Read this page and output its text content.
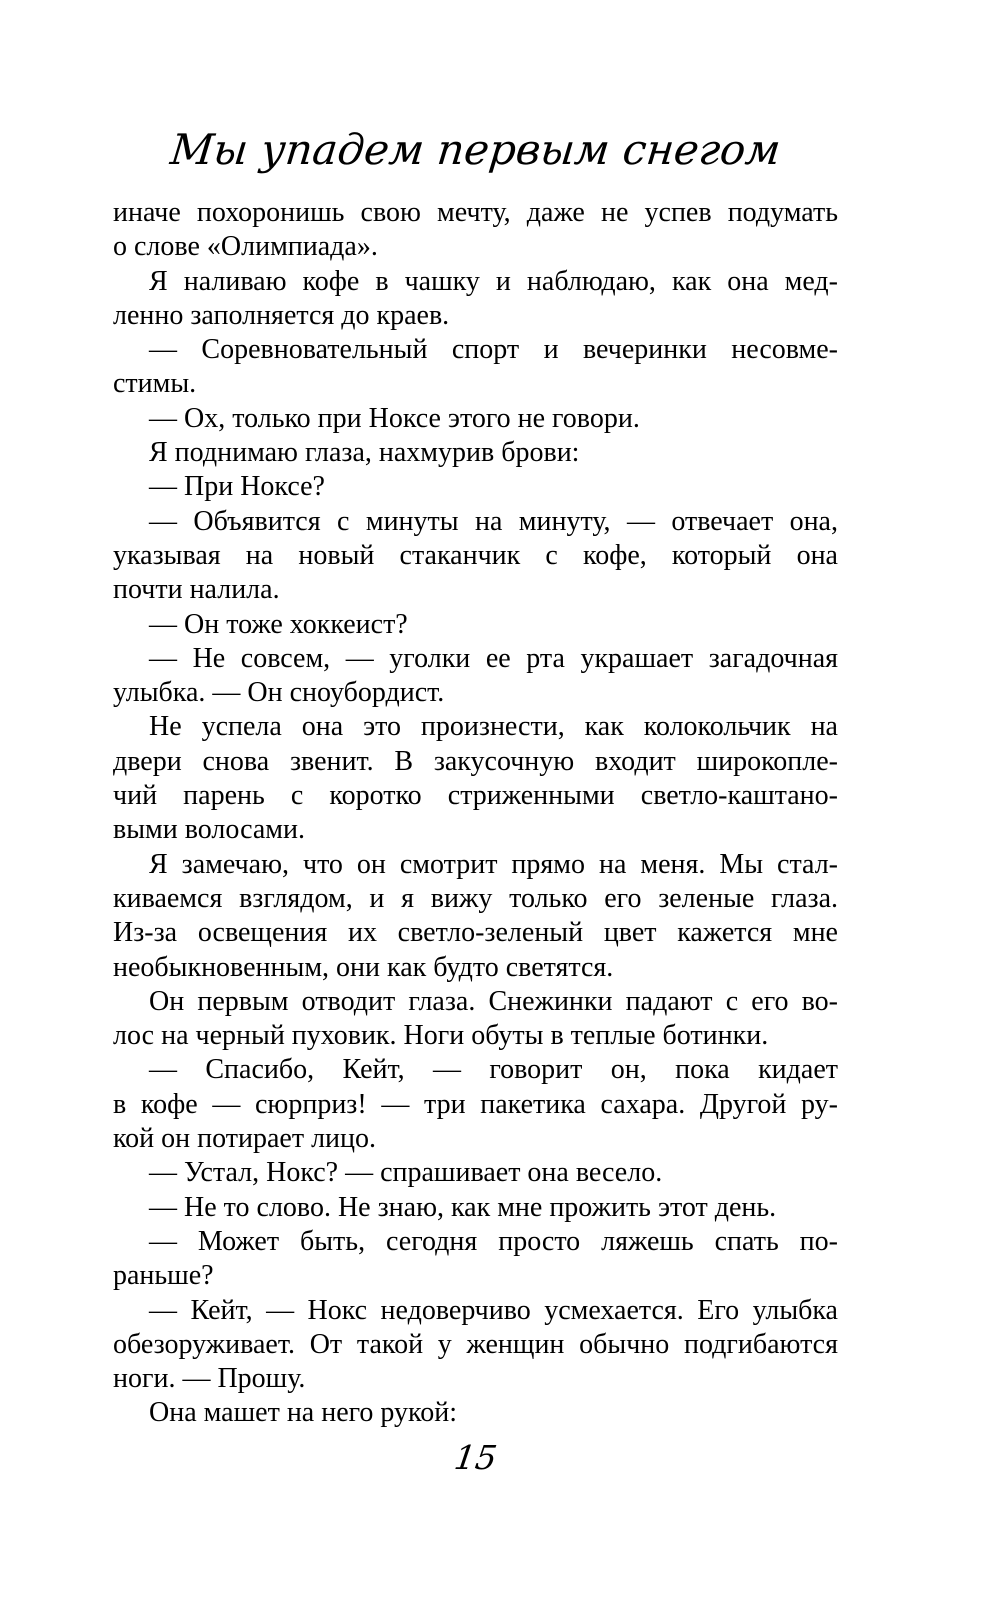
Мы упадем первым снегом
иначе похоронишь свою мечту, даже не успев подумать
о слове «Олимпиада».
Я наливаю кофе в чашку и наблюдаю, как она мед-
ленно заполняется до краев.
— Соревновательный спорт и вечеринки несовме-
стимы.
— Ох, только при Ноксе этого не говори.
Я поднимаю глаза, нахмурив брови:
— При Ноксе?
— Объявится с минуты на минуту, — отвечает она,
указывая на новый стаканчик с кофе, который она
почти налила.
— Он тоже хоккеист?
— Не совсем, — уголки ее рта украшает загадочная
улыбка. — Он сноубордист.
Не успела она это произнести, как колокольчик на
двери снова звенит. В закусочную входит широкопле-
чий парень с коротко стриженными светло-каштано-
выми волосами.
Я замечаю, что он смотрит прямо на меня. Мы стал-
киваемся взглядом, и я вижу только его зеленые глаза.
Из-за освещения их светло-зеленый цвет кажется мне
необыкновенным, они как будто светятся.
Он первым отводит глаза. Снежинки падают с его во-
лос на черный пуховик. Ноги обуты в теплые ботинки.
— Спасибо, Кейт, — говорит он, пока кидает
в кофе — сюрприз! — три пакетика сахара. Другой ру-
кой он потирает лицо.
— Устал, Нокс? — спрашивает она весело.
— Не то слово. Не знаю, как мне прожить этот день.
— Может быть, сегодня просто ляжешь спать по-
раньше?
— Кейт, — Нокс недоверчиво усмехается. Его улыбка
обезоруживает. От такой у женщин обычно подгибаются
ноги. — Прошу.
Она машет на него рукой:
15
